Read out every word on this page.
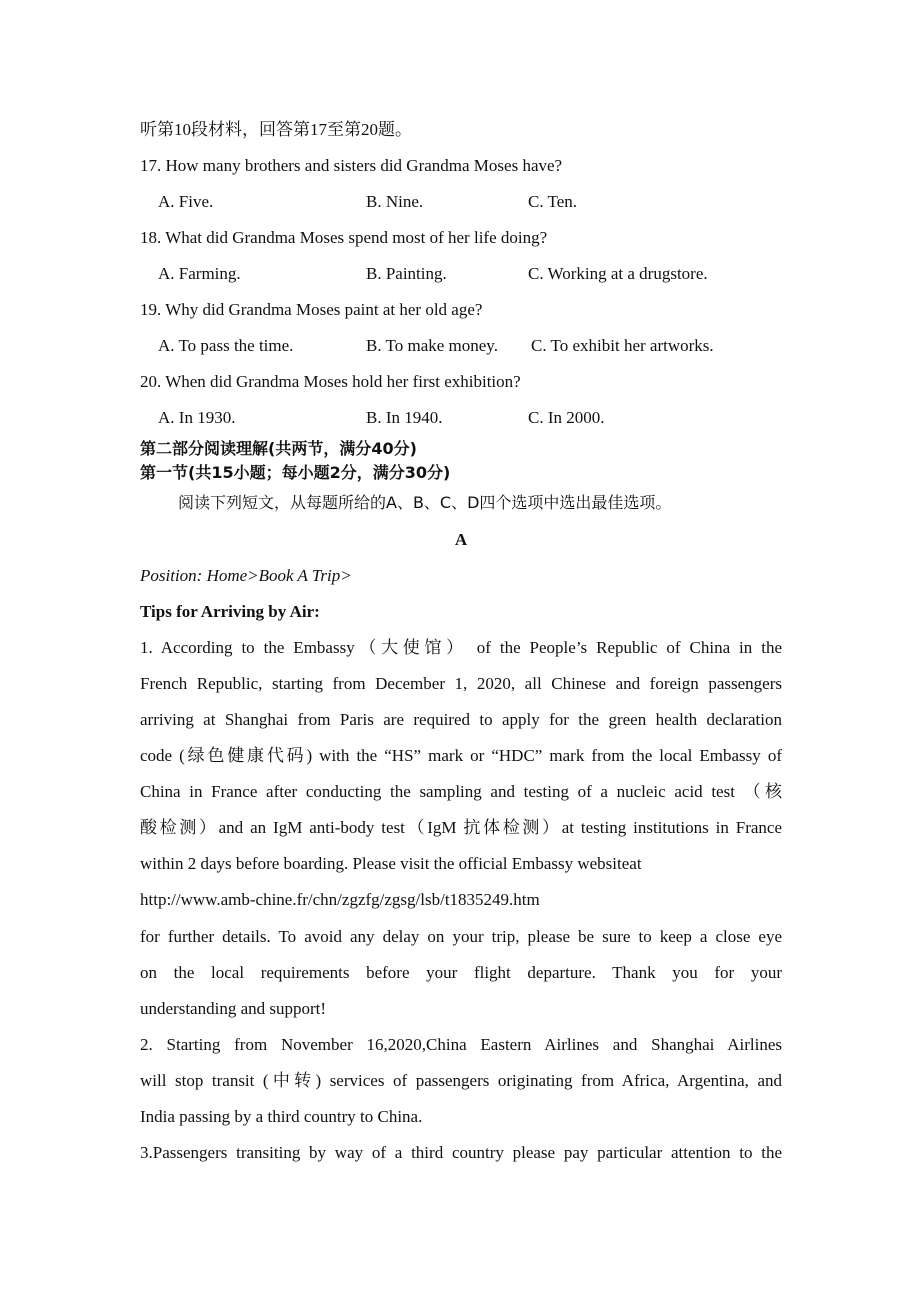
听第10段材料，回答第17至第20题。
17. How many brothers and sisters did Grandma Moses have?
A. Five.	B. Nine.	C. Ten.
18. What did Grandma Moses spend most of her life doing?
A. Farming.	B. Painting.	C. Working at a drugstore.
19. Why did Grandma Moses paint at her old age?
A. To pass the time.	B. To make money. C. To exhibit her artworks.
20. When did Grandma Moses hold her first exhibition?
A. In 1930.	B. In 1940.	C. In 2000.
第二部分阅读理解(共两节，满分40分)
第一节(共15小题；每小题2分，满分30分)
阅读下列短文，从每题所给的A、B、C、D四个选项中选出最佳选项。
A
Position: Home>Book A Trip>
Tips for Arriving by Air:
1. According to the Embassy（大使馆） of the People’s Republic of China in the
French Republic, starting from December 1, 2020, all Chinese and foreign passengers
arriving at Shanghai from Paris are required to apply for the green health declaration
code (绿色健康代码) with the “HS” mark or “HDC” mark from the local Embassy of
China in France after conducting the sampling and testing of a nucleic acid test （核
酸检测）and an IgM anti-body test（IgM 抗体检测）at testing institutions in France
within 2 days before boarding. Please visit the official Embassy websiteat
http://www.amb-chine.fr/chn/zgzfg/zgsg/lsb/t1835249.htm
for further details. To avoid any delay on your trip, please be sure to keep a close eye
on the local requirements before your flight departure. Thank you for your
understanding and support!
2. Starting from November 16,2020,China Eastern Airlines and Shanghai Airlines
will stop transit (中转) services of passengers originating from Africa, Argentina, and
India passing by a third country to China.
3.Passengers transiting by way of a third country please pay particular attention to the
